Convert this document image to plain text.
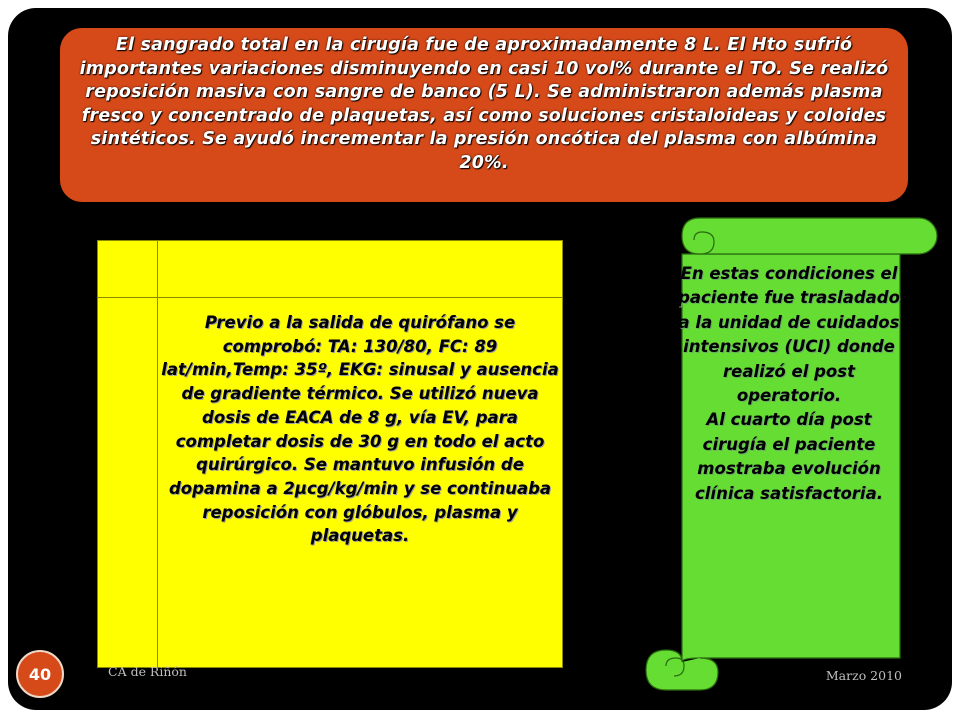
El sangrado total en la cirugía fue de aproximadamente 8 L. El Hto sufrió importantes variaciones disminuyendo en casi 10 vol% durante el TO. Se realizó reposición masiva con sangre de banco (5 L). Se administraron además plasma fresco y concentrado de plaquetas, así como soluciones cristaloideas y coloides sintéticos. Se ayudó incrementar la presión oncótica del plasma con albúmina 20%.
Previo a la salida de quirófano se comprobó: TA: 130/80, FC: 89 lat/min,Temp: 35º, EKG: sinusal y ausencia de gradiente térmico. Se utilizó nueva dosis de EACA de 8 g, vía EV, para completar dosis de 30 g en todo el acto quirúrgico. Se mantuvo infusión de dopamina a 2µcg/kg/min y se continuaba reposición con glóbulos, plasma y plaquetas.

En estas condiciones el paciente fue trasladado a la unidad de cuidados intensivos (UCI) donde realizó el post operatorio.

Al cuarto día post cirugía el paciente mostraba evolución clínica satisfactoria.

40	CA de Riñón	Marzo 2010
